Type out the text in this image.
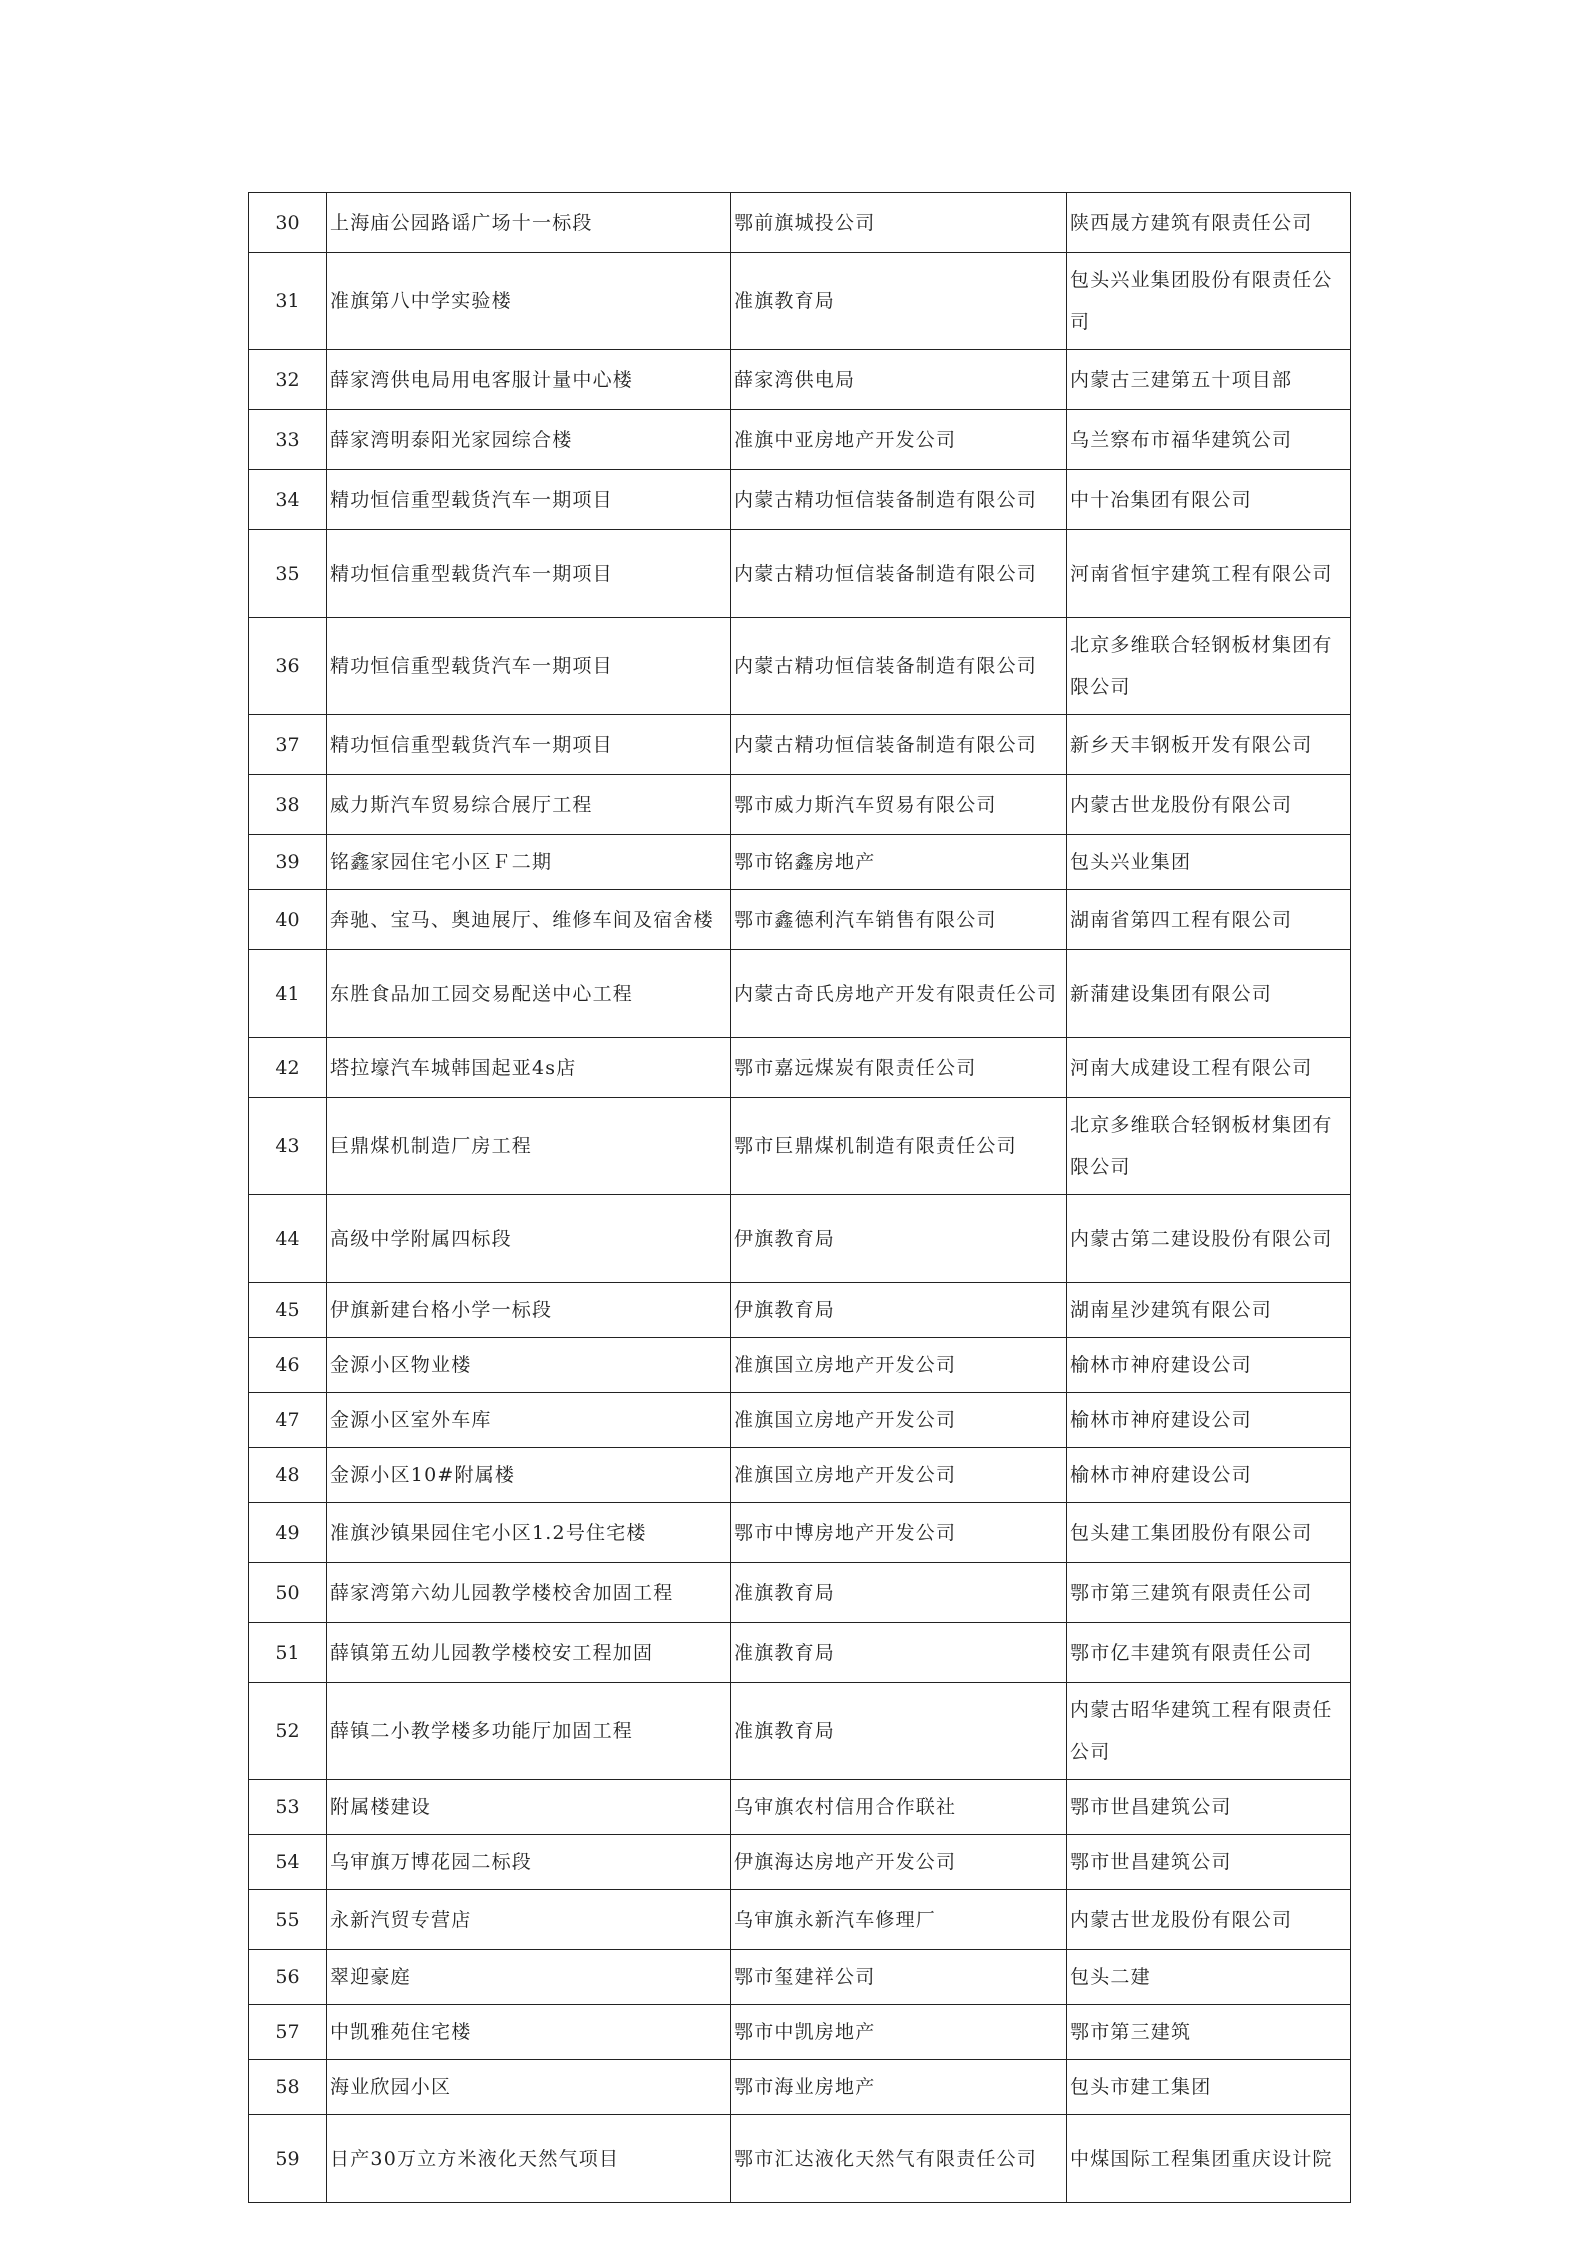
30	上海庙公园路谣广场十一标段	鄂前旗城投公司	陕西晟方建筑有限责任公司
31	准旗第八中学实验楼	准旗教育局	包头兴业集团股份有限责任公司
32	薛家湾供电局用电客服计量中心楼	薛家湾供电局	内蒙古三建第五十项目部
33	薛家湾明泰阳光家园综合楼	准旗中亚房地产开发公司	乌兰察布市福华建筑公司
34	精功恒信重型载货汽车一期项目	内蒙古精功恒信装备制造有限公司	中十冶集团有限公司
35	精功恒信重型载货汽车一期项目	内蒙古精功恒信装备制造有限公司	河南省恒宇建筑工程有限公司
36	精功恒信重型载货汽车一期项目	内蒙古精功恒信装备制造有限公司	北京多维联合轻钢板材集团有限公司
37	精功恒信重型载货汽车一期项目	内蒙古精功恒信装备制造有限公司	新乡天丰钢板开发有限公司
38	威力斯汽车贸易综合展厅工程	鄂市威力斯汽车贸易有限公司	内蒙古世龙股份有限公司
39	铭鑫家园住宅小区Ｆ二期	鄂市铭鑫房地产	包头兴业集团
40	奔驰、宝马、奥迪展厅、维修车间及宿舍楼	鄂市鑫德利汽车销售有限公司	湖南省第四工程有限公司
41	东胜食品加工园交易配送中心工程	内蒙古奇氏房地产开发有限责任公司	新蒲建设集团有限公司
42	塔拉壕汽车城韩国起亚4s店	鄂市嘉远煤炭有限责任公司	河南大成建设工程有限公司
43	巨鼎煤机制造厂房工程	鄂市巨鼎煤机制造有限责任公司	北京多维联合轻钢板材集团有限公司
44	高级中学附属四标段	伊旗教育局	内蒙古第二建设股份有限公司
45	伊旗新建台格小学一标段	伊旗教育局	湖南星沙建筑有限公司
46	金源小区物业楼	准旗国立房地产开发公司	榆林市神府建设公司
47	金源小区室外车库	准旗国立房地产开发公司	榆林市神府建设公司
48	金源小区10#附属楼	准旗国立房地产开发公司	榆林市神府建设公司
49	准旗沙镇果园住宅小区1.2号住宅楼	鄂市中博房地产开发公司	包头建工集团股份有限公司
50	薛家湾第六幼儿园教学楼校舍加固工程	准旗教育局	鄂市第三建筑有限责任公司
51	薛镇第五幼儿园教学楼校安工程加固	准旗教育局	鄂市亿丰建筑有限责任公司
52	薛镇二小教学楼多功能厅加固工程	准旗教育局	内蒙古昭华建筑工程有限责任公司
53	附属楼建设	乌审旗农村信用合作联社	鄂市世昌建筑公司
54	乌审旗万博花园二标段	伊旗海达房地产开发公司	鄂市世昌建筑公司
55	永新汽贸专营店	乌审旗永新汽车修理厂	内蒙古世龙股份有限公司
56	翠迎豪庭	鄂市玺建祥公司	包头二建
57	中凯雅苑住宅楼	鄂市中凯房地产	鄂市第三建筑
58	海业欣园小区	鄂市海业房地产	包头市建工集团
59	日产30万立方米液化天然气项目	鄂市汇达液化天然气有限责任公司	中煤国际工程集团重庆设计院
